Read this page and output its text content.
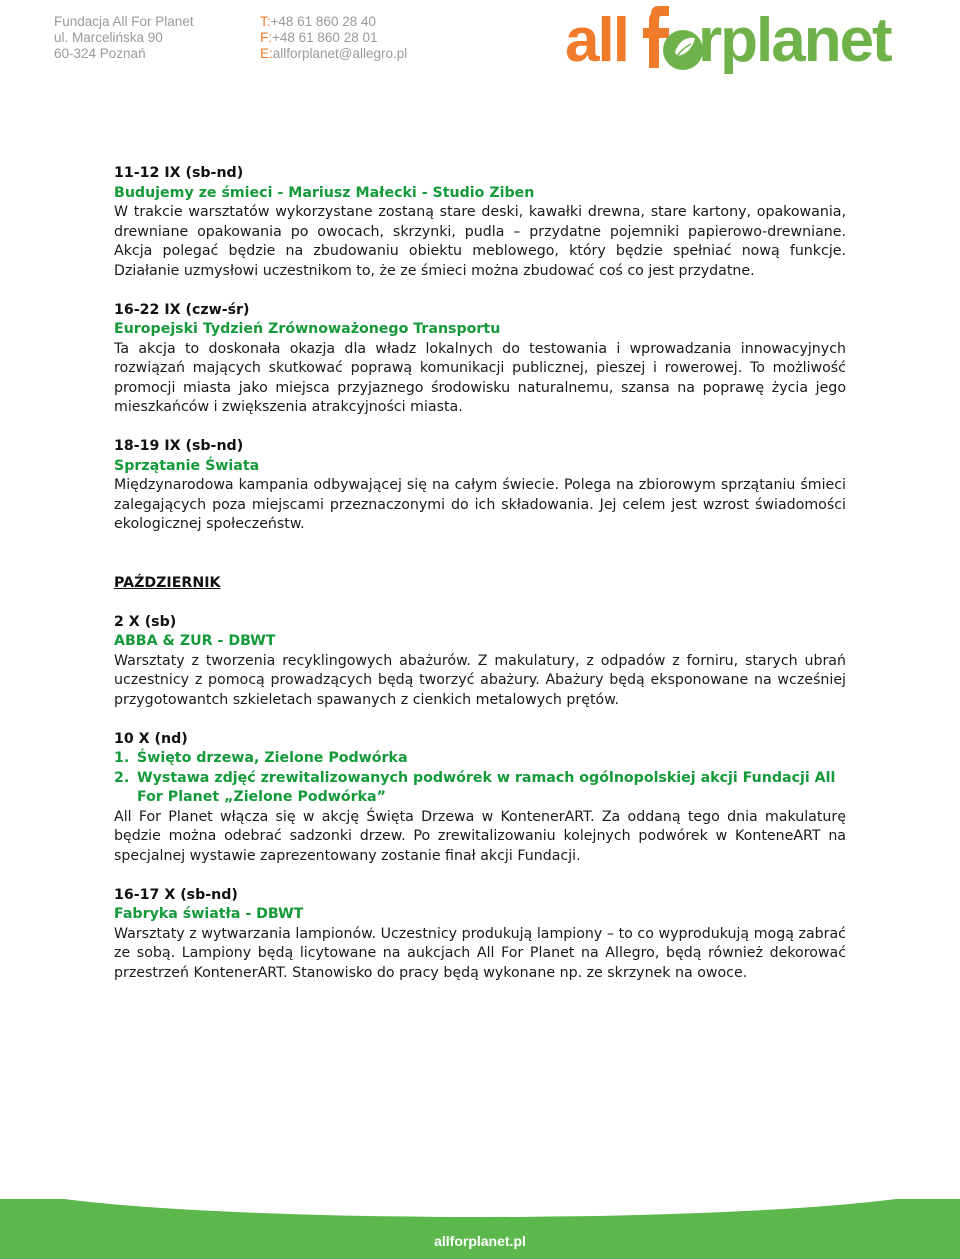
Fundacja All For Planet
ul. Marcelińska 90
60-324 Poznań
T:+48 61 860 28 40
F:+48 61 860 28 01
E:allforplanet@allegro.pl	all rplanet

11-12 IX (sb-nd)

Budujemy ze śmieci - Mariusz Małecki - Studio Ziben

W trakcie warsztatów wykorzystane zostaną stare deski, kawałki drewna, stare kartony, opakowania, drewniane opakowania po owocach, skrzynki, pudla – przydatne pojemniki papierowo-drewniane. Akcja polegać będzie na zbudowaniu obiektu meblowego, który będzie spełniać nową funkcje. Działanie uzmysłowi uczestnikom to, że ze śmieci można zbudować coś co jest przydatne.

16-22 IX (czw-śr)

Europejski Tydzień Zrównoważonego Transportu

Ta akcja to doskonała okazja dla władz lokalnych do testowania i wprowadzania innowacyjnych rozwiązań mających skutkować poprawą komunikacji publicznej, pieszej i rowerowej. To możliwość promocji miasta jako miejsca przyjaznego środowisku naturalnemu, szansa na poprawę życia jego mieszkańców i zwiększenia atrakcyjności miasta.

18-19 IX (sb-nd)

Sprzątanie Świata

Międzynarodowa kampania odbywającej się na całym świecie. Polega na zbiorowym sprzątaniu śmieci zalegających poza miejscami przeznaczonymi do ich składowania. Jej celem jest wzrost świadomości ekologicznej społeczeństw.

PAŹDZIERNIK

2 X (sb)

ABBA & ZUR - DBWT

Warsztaty z tworzenia recyklingowych abażurów. Z makulatury, z odpadów z forniru, starych ubrań uczestnicy z pomocą prowadzących będą tworzyć abażury. Abażury będą eksponowane na wcześniej przygotowantch szkieletach spawanych z cienkich metalowych prętów.

10 X (nd)

1. Święto drzewa, Zielone Podwórka
2. Wystawa zdjęć zrewitalizowanych podwórek w ramach ogólnopolskiej akcji Fundacji All For Planet „Zielone Podwórka”

All For Planet włącza się w akcję Święta Drzewa w KontenerART. Za oddaną tego dnia makulaturę będzie można odebrać sadzonki drzew. Po zrewitalizowaniu kolejnych podwórek w KonteneART na specjalnej wystawie zaprezentowany zostanie finał akcji Fundacji.

16-17 X (sb-nd)

Fabryka światła - DBWT

Warsztaty z wytwarzania lampionów. Uczestnicy produkują lampiony – to co wyprodukują mogą zabrać ze sobą. Lampiony będą licytowane na aukcjach All For Planet na Allegro, będą również dekorować przestrzeń KontenerART. Stanowisko do pracy będą wykonane np. ze skrzynek na owoce.

allforplanet.pl
